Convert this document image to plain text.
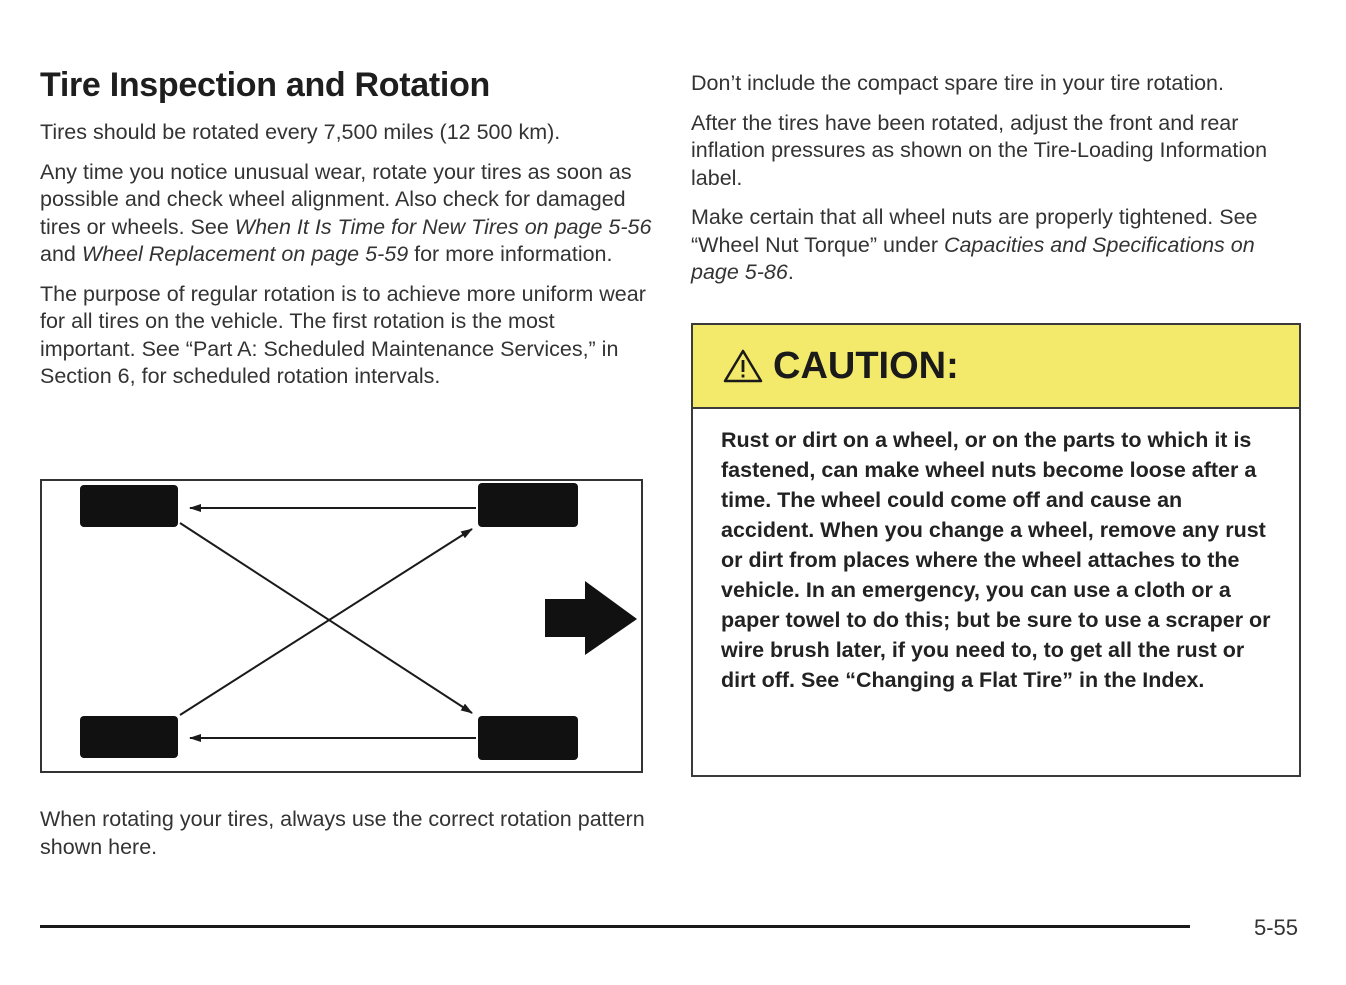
Tire Inspection and Rotation

Tires should be rotated every 7,500 miles (12 500 km).

Any time you notice unusual wear, rotate your tires as soon as possible and check wheel alignment. Also check for damaged tires or wheels. See When It Is Time for New Tires on page 5-56 and Wheel Replacement on page 5-59 for more information.

The purpose of regular rotation is to achieve more uniform wear for all tires on the vehicle. The first rotation is the most important. See “Part A: Scheduled Maintenance Services,” in Section 6, for scheduled rotation intervals.

When rotating your tires, always use the correct rotation pattern shown here.

Don’t include the compact spare tire in your tire rotation.

After the tires have been rotated, adjust the front and rear inflation pressures as shown on the Tire-Loading Information label.

Make certain that all wheel nuts are properly tightened. See “Wheel Nut Torque” under Capacities and Specifications on page 5-86.

CAUTION:
Rust or dirt on a wheel, or on the parts to which it is fastened, can make wheel nuts become loose after a time. The wheel could come off and cause an accident. When you change a wheel, remove any rust or dirt from places where the wheel attaches to the vehicle. In an emergency, you can use a cloth or a paper towel to do this; but be sure to use a scraper or wire brush later, if you need to, to get all the rust or dirt off. See “Changing a Flat Tire” in the Index.
5-55
